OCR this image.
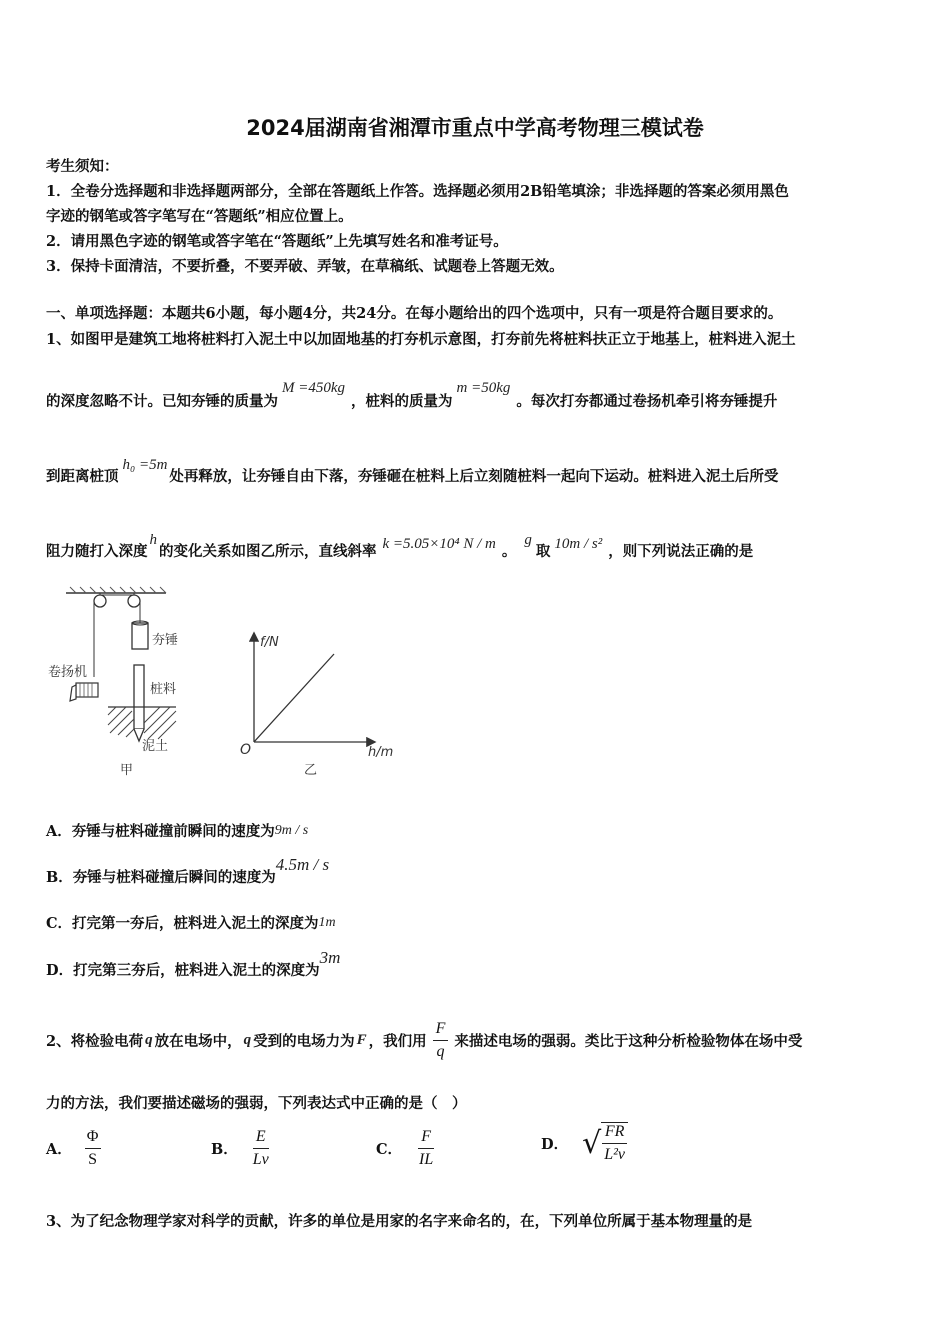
2024届湖南省湘潭市重点中学高考物理三模试卷
考生须知：
1．全卷分选择题和非选择题两部分，全部在答题纸上作答。选择题必须用2B铅笔填涂；非选择题的答案必须用黑色
字迹的钢笔或答字笔写在“答题纸”相应位置上。
2．请用黑色字迹的钢笔或答字笔在“答题纸”上先填写姓名和准考证号。
3．保持卡面清洁，不要折叠，不要弄破、弄皱，在草稿纸、试题卷上答题无效。
一、单项选择题：本题共6小题，每小题4分，共24分。在每小题给出的四个选项中，只有一项是符合题目要求的。
1、如图甲是建筑工地将桩料打入泥土中以加固地基的打夯机示意图，打夯前先将桩料扶正立于地基上，桩料进入泥土
的深度忽略不计。已知夯锤的质量为M =450kg，桩料的质量为m =50kg。每次打夯都通过卷扬机牵引将夯锤提升
到距离桩顶h₀ =5m处再释放，让夯锤自由下落，夯锤砸在桩料上后立刻随桩料一起向下运动。桩料进入泥土后所受
阻力随打入深度h的变化关系如图乙所示，直线斜率 k =5.05×10⁴ N / m 。g取 10m / s² ，则下列说法正确的是
夯锤
卷扬机
桩料
泥土
甲
f/N
h/m
O
乙
A．夯锤与桩料碰撞前瞬间的速度为9m / s
B．夯锤与桩料碰撞后瞬间的速度为4.5m / s
C．打完第一夯后，桩料进入泥土的深度为1m
D．打完第三夯后，桩料进入泥土的深度为3m
2、将检验电荷 q 放在电场中， q 受到的电场力为 F ，我们用 $\frac{F}{q}$ 来描述电场的强弱。类比于这种分析检验物体在场中受
力的方法，我们要描述磁场的强弱，下列表达式中正确的是（　）
A． $\frac{\Phi}{S}$	B． $\frac{E}{Lv}$	C． $\frac{F}{IL}$	D． √ $\frac{FR}{\text{L²v}}$
3、为了纪念物理学家对科学的贡献，许多的单位是用家的名字来命名的，在，下列单位所属于基本物理量的是
